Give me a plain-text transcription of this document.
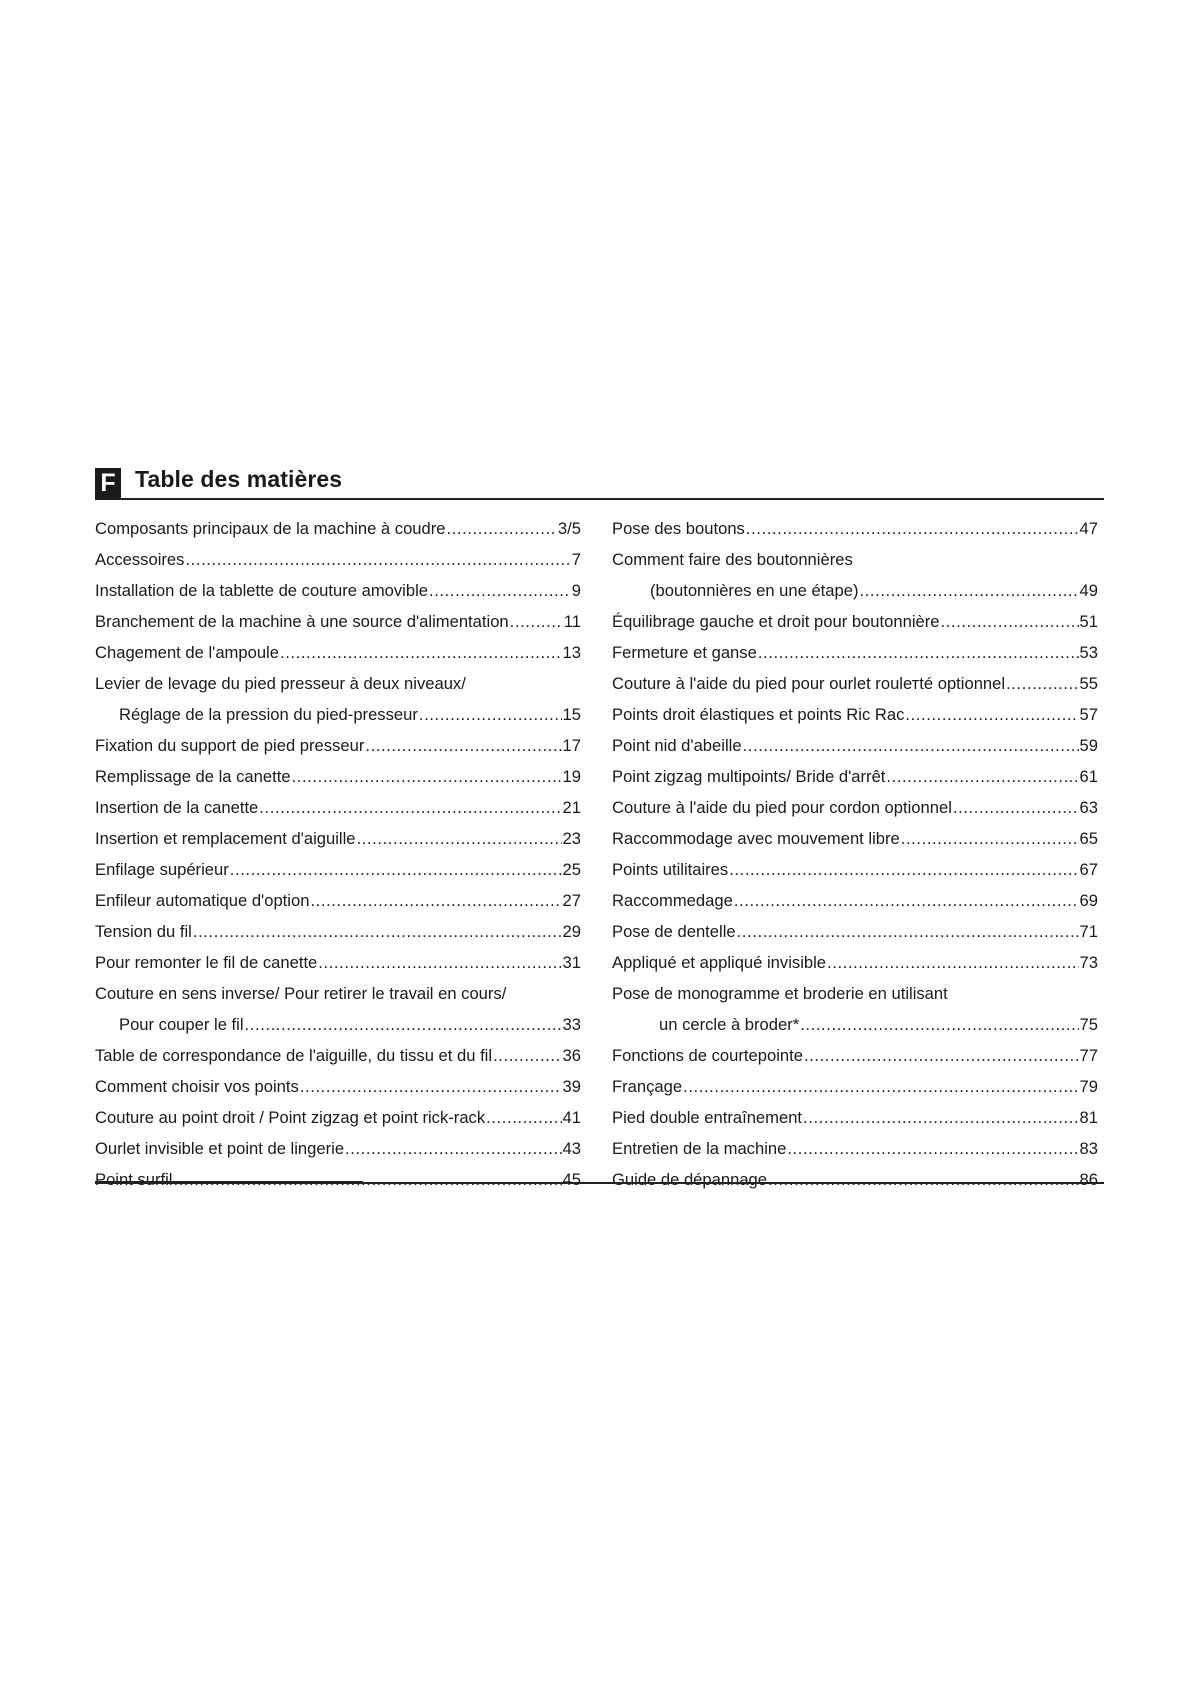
F Table des matières
Composants principaux de la machine à coudre .....	3/5
Accessoires .....	7
Installation de la tablette de couture amovible .....	9
Branchement de la machine à une source d'alimentation .....	11
Chagement de l'ampoule .....	13
Levier de levage du pied presseur à deux niveaux/
Réglage de la pression du pied-presseur .....	15
Fixation du support de pied presseur .....	17
Remplissage de la canette .....	19
Insertion de la canette .....	21
Insertion et remplacement d'aiguille .....	23
Enfilage supérieur .....	25
Enfileur automatique d'option .....	27
Tension du fil .....	29
Pour remonter le fil de canette .....	31
Couture en sens inverse/ Pour retirer le travail en cours/
Pour couper le fil .....	33
Table de correspondance de l'aiguille, du tissu et du fil .....	36
Comment choisir vos points .....	39
Couture au point droit / Point zigzag et point rick-rack .....	41
Ourlet invisible et point de lingerie .....	43
Point surfil .....	45
Pose des boutons .....	47
Comment faire des boutonnières
(boutonnières en une étape) .....	49
Équilibrage gauche et droit pour boutonnière .....	51
Fermeture et ganse .....	53
Couture à l'aide du pied pour ourlet roulетté optionnel .....	55
Points droit élastiques et points Ric Rac .....	57
Point nid d'abeille .....	59
Point zigzag multipoints/ Bride d'arrêt .....	61
Couture à l'aide du pied pour cordon optionnel .....	63
Raccommodage avec mouvement libre .....	65
Points utilitaires .....	67
Raccommedage .....	69
Pose de dentelle .....	71
Appliqué et appliqué invisible .....	73
Pose de monogramme et broderie en utilisant
un cercle à broder* .....	75
Fonctions de courtepointe .....	77
Françage .....	79
Pied double entraînement .....	81
Entretien de la machine .....	83
Guide de dépannage .....	86
